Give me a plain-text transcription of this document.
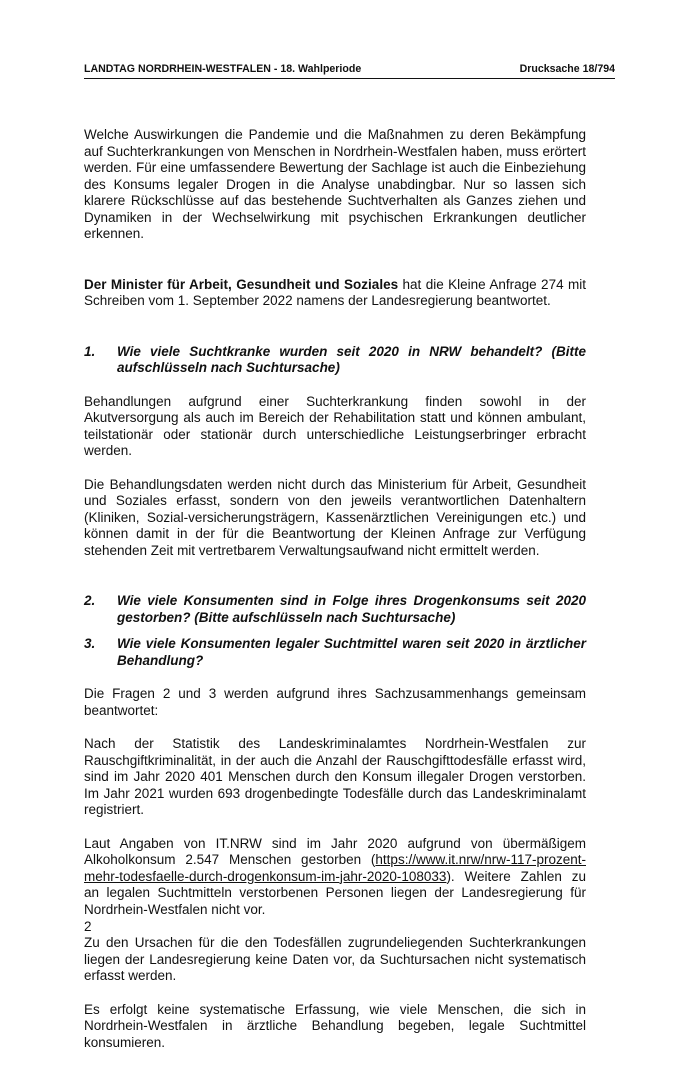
LANDTAG NORDRHEIN-WESTFALEN - 18. Wahlperiode	Drucksache 18/794

Welche Auswirkungen die Pandemie und die Maßnahmen zu deren Bekämpfung auf Suchterkrankungen von Menschen in Nordrhein-Westfalen haben, muss erörtert werden. Für eine umfassendere Bewertung der Sachlage ist auch die Einbeziehung des Konsums legaler Drogen in die Analyse unabdingbar. Nur so lassen sich klarere Rückschlüsse auf das bestehende Suchtverhalten als Ganzes ziehen und Dynamiken in der Wechselwirkung mit psychischen Erkrankungen deutlicher erkennen.

Der Minister für Arbeit, Gesundheit und Soziales hat die Kleine Anfrage 274 mit Schreiben vom 1. September 2022 namens der Landesregierung beantwortet.

1.	Wie viele Suchtkranke wurden seit 2020 in NRW behandelt? (Bitte aufschlüsseln nach Suchtursache)

Behandlungen aufgrund einer Suchterkrankung finden sowohl in der Akutversorgung als auch im Bereich der Rehabilitation statt und können ambulant, teilstationär oder stationär durch unterschiedliche Leistungserbringer erbracht werden.

Die Behandlungsdaten werden nicht durch das Ministerium für Arbeit, Gesundheit und Soziales erfasst, sondern von den jeweils verantwortlichen Datenhaltern (Kliniken, Sozial-versicherungsträgern, Kassenärztlichen Vereinigungen etc.) und können damit in der für die Beantwortung der Kleinen Anfrage zur Verfügung stehenden Zeit mit vertretbarem Verwaltungsaufwand nicht ermittelt werden.

2.	Wie viele Konsumenten sind in Folge ihres Drogenkonsums seit 2020 gestorben? (Bitte aufschlüsseln nach Suchtursache)
3.	Wie viele Konsumenten legaler Suchtmittel waren seit 2020 in ärztlicher Behandlung?

Die Fragen 2 und 3 werden aufgrund ihres Sachzusammenhangs gemeinsam beantwortet:

Nach der Statistik des Landeskriminalamtes Nordrhein-Westfalen zur Rauschgiftkriminalität, in der auch die Anzahl der Rauschgifttodesfälle erfasst wird, sind im Jahr 2020 401 Menschen durch den Konsum illegaler Drogen verstorben. Im Jahr 2021 wurden 693 drogenbedingte Todesfälle durch das Landeskriminalamt registriert.

Laut Angaben von IT.NRW sind im Jahr 2020 aufgrund von übermäßigem Alkoholkonsum 2.547 Menschen gestorben (https://www.it.nrw/nrw-117-prozent-mehr-todesfaelle-durch-drogenkonsum-im-jahr-2020-108033). Weitere Zahlen zu an legalen Suchtmitteln verstorbenen Personen liegen der Landesregierung für Nordrhein-Westfalen nicht vor.

Zu den Ursachen für die den Todesfällen zugrundeliegenden Suchterkrankungen liegen der Landesregierung keine Daten vor, da Suchtursachen nicht systematisch erfasst werden.

Es erfolgt keine systematische Erfassung, wie viele Menschen, die sich in Nordrhein-Westfalen in ärztliche Behandlung begeben, legale Suchtmittel konsumieren.

2
